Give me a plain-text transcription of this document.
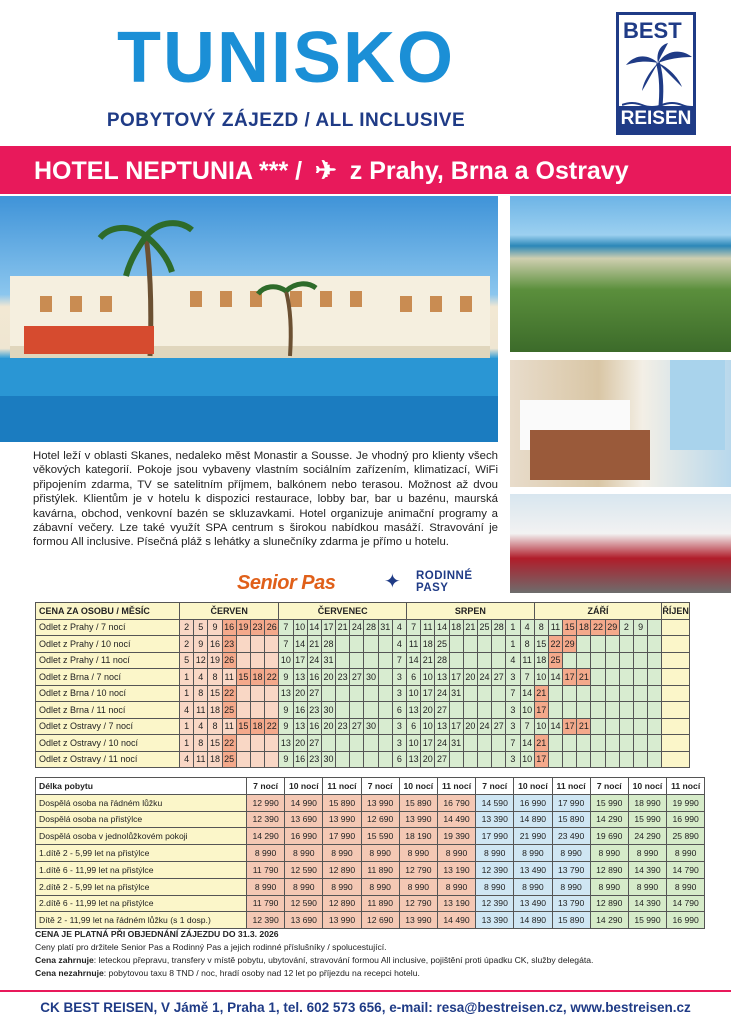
TUNISKO
POBYTOVÝ ZÁJEZD / ALL INCLUSIVE
BEST
REISEN
HOTEL NEPTUNIA *** / ✈ z Prahy, Brna a Ostravy
Hotel leží v oblasti Skanes, nedaleko měst Monastir a Sousse. Je vhodný pro klienty všech věkových kategorií. Pokoje jsou vybaveny vlastním sociálním zařízením, klimatizací, WiFi připojením zdarma, TV se satelitním příjmem, balkónem nebo terasou. Možnost až dvou přistýlek. Klientům je v hotelu k dispozici restaurace, lobby bar, bar u bazénu, maurská kavárna, obchod, venkovní bazén se skluzavkami. Hotel organizuje animační programy a zábavní večery. Lze také využít SPA centrum s širokou nabídkou masáží. Stravování je formou All inclusive. Písečná pláž s lehátky a slunečníky zdarma je přímo u hotelu.
Senior Pas	✦	RODINNÉ
PASY
CENA ZA OSOBU / MĚSÍC	ČERVEN							ČERVENEC									SRPEN									ZÁŘÍ									ŘÍJEN
Odlet z Prahy / 7 nocí	2	5	9	16	19	23	26	7	10	14	17	21	24	28	31	4	7	11	14	18	21	25	28	1	4	8	11	15	18	22	29	2	9		
Odlet z Prahy / 10 nocí	2	9	16	23				7	14	21	28					4	11	18	25					1	8	15	22	29							
Odlet z Prahy / 11 nocí	5	12	19	26				10	17	24	31					7	14	21	28					4	11	18	25								
Odlet z Brna / 7 nocí	1	4	8	11	15	18	22	9	13	16	20	23	27	30		3	6	10	13	17	20	24	27	3	7	10	14	17	21						
Odlet z Brna / 10 nocí	1	8	15	22				13	20	27						3	10	17	24	31				7	14	21									
Odlet z Brna / 11 nocí	4	11	18	25				9	16	23	30					6	13	20	27					3	10	17									
Odlet z Ostravy / 7 nocí	1	4	8	11	15	18	22	9	13	16	20	23	27	30		3	6	10	13	17	20	24	27	3	7	10	14	17	21						
Odlet z Ostravy / 10 nocí	1	8	15	22				13	20	27						3	10	17	24	31				7	14	21									
Odlet z Ostravy / 11 nocí	4	11	18	25				9	16	23	30					6	13	20	27					3	10	17									
Délka pobytu	7 nocí	10 nocí	11 nocí	7 nocí	10 nocí	11 nocí	7 nocí	10 nocí	11 nocí	7 nocí	10 nocí	11 nocí
Dospělá osoba na řádném lůžku	12 990	14 990	15 890	13 990	15 890	16 790	14 590	16 990	17 990	15 990	18 990	19 990
Dospělá osoba na přistýlce	12 390	13 690	13 990	12 690	13 990	14 490	13 390	14 890	15 890	14 290	15 990	16 990
Dospělá osoba v jednolůžkovém pokoji	14 290	16 990	17 990	15 590	18 190	19 390	17 990	21 990	23 490	19 690	24 290	25 890
1.dítě 2 - 5,99 let na přistýlce	8 990	8 990	8 990	8 990	8 990	8 990	8 990	8 990	8 990	8 990	8 990	8 990
1.dítě 6 - 11,99 let na přistýlce	11 790	12 590	12 890	11 890	12 790	13 190	12 390	13 490	13 790	12 890	14 390	14 790
2.dítě 2 - 5,99 let na přistýlce	8 990	8 990	8 990	8 990	8 990	8 990	8 990	8 990	8 990	8 990	8 990	8 990
2.dítě 6 - 11,99 let na přistýlce	11 790	12 590	12 890	11 890	12 790	13 190	12 390	13 490	13 790	12 890	14 390	14 790
Dítě 2 - 11,99 let na řádném lůžku (s 1 dosp.)	12 390	13 690	13 990	12 690	13 990	14 490	13 390	14 890	15 890	14 290	15 990	16 990
CENA JE PLATNÁ PŘI OBJEDNÁNÍ ZÁJEZDU DO 31.3. 2026
Ceny platí pro držitele Senior Pas a Rodinný Pas a jejich rodinné příslušníky / spolucestující.
Cena zahrnuje: leteckou přepravu, transfery v místě pobytu, ubytování, stravování formou All inclusive, pojištění proti úpadku CK, služby delegáta.
Cena nezahrnuje: pobytovou taxu 8 TND / noc, hradí osoby nad 12 let po příjezdu na recepci hotelu.
CK BEST REISEN, V Jámě 1, Praha 1, tel. 602 573 656, e-mail: resa@bestreisen.cz, www.bestreisen.cz
